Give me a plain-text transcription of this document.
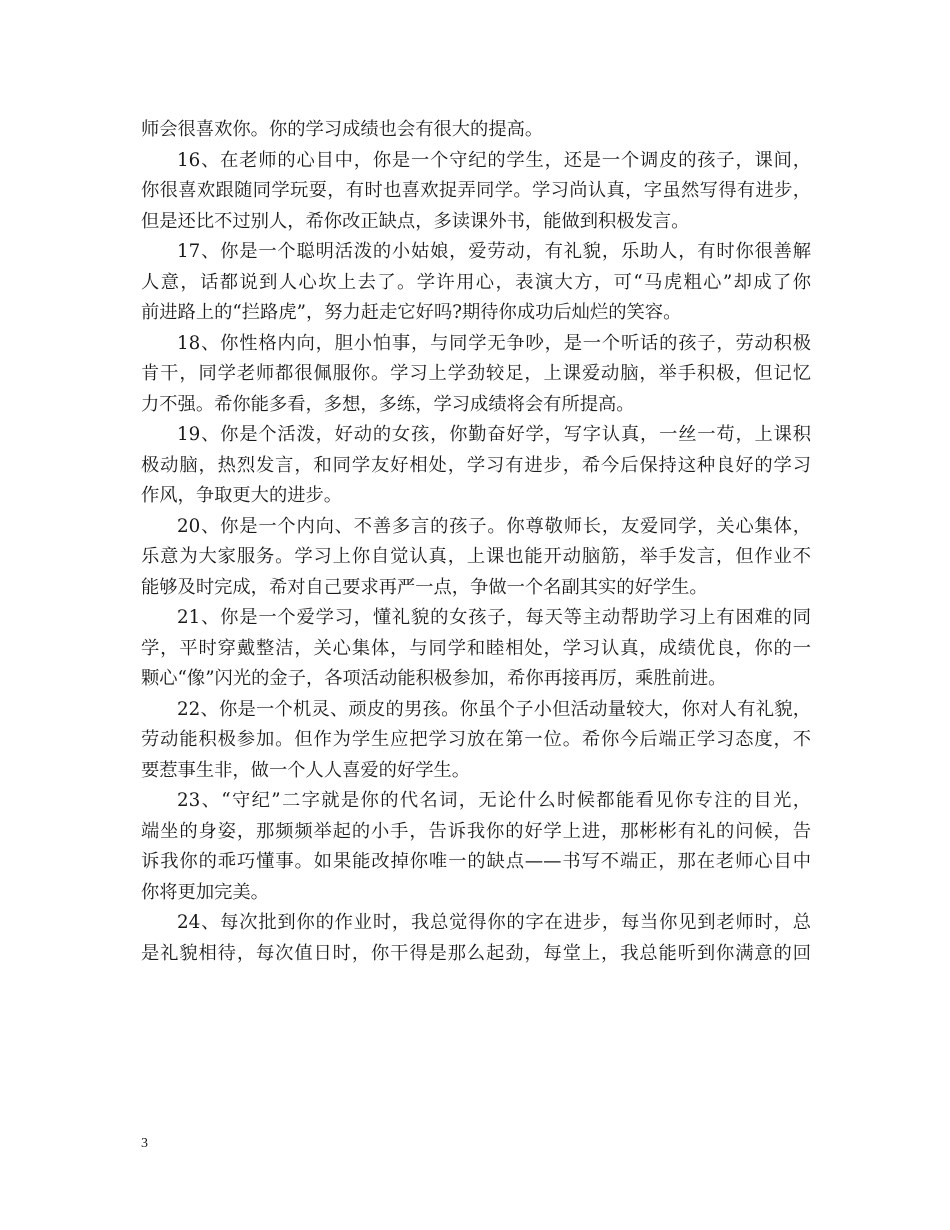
师会很喜欢你。你的学习成绩也会有很大的提高。
16、在老师的心目中，你是一个守纪的学生，还是一个调皮的孩子，课间，
你很喜欢跟随同学玩耍，有时也喜欢捉弄同学。学习尚认真，字虽然写得有进步，
但是还比不过别人，希你改正缺点，多读课外书，能做到积极发言。
17、你是一个聪明活泼的小姑娘，爱劳动，有礼貌，乐助人，有时你很善解
人意，话都说到人心坎上去了。学许用心，表演大方，可“马虎粗心”却成了你
前进路上的“拦路虎”，努力赶走它好吗?期待你成功后灿烂的笑容。
18、你性格内向，胆小怕事，与同学无争吵，是一个听话的孩子，劳动积极
肯干，同学老师都很佩服你。学习上学劲较足，上课爱动脑，举手积极，但记忆
力不强。希你能多看，多想，多练，学习成绩将会有所提高。
19、你是个活泼，好动的女孩，你勤奋好学，写字认真，一丝一苟，上课积
极动脑，热烈发言，和同学友好相处，学习有进步，希今后保持这种良好的学习
作风，争取更大的进步。
20、你是一个内向、不善多言的孩子。你尊敬师长，友爱同学，关心集体，
乐意为大家服务。学习上你自觉认真，上课也能开动脑筋，举手发言，但作业不
能够及时完成，希对自己要求再严一点，争做一个名副其实的好学生。
21、你是一个爱学习，懂礼貌的女孩子，每天等主动帮助学习上有困难的同
学，平时穿戴整洁，关心集体，与同学和睦相处，学习认真，成绩优良，你的一
颗心“像”闪光的金子，各项活动能积极参加，希你再接再厉，乘胜前进。
22、你是一个机灵、顽皮的男孩。你虽个子小但活动量较大，你对人有礼貌，
劳动能积极参加。但作为学生应把学习放在第一位。希你今后端正学习态度，不
要惹事生非，做一个人人喜爱的好学生。
23、“守纪”二字就是你的代名词，无论什么时候都能看见你专注的目光，
端坐的身姿，那频频举起的小手，告诉我你的好学上进，那彬彬有礼的问候，告
诉我你的乖巧懂事。如果能改掉你唯一的缺点——书写不端正，那在老师心目中
你将更加完美。
24、每次批到你的作业时，我总觉得你的字在进步，每当你见到老师时，总
是礼貌相待，每次值日时，你干得是那么起劲，每堂上，我总能听到你满意的回
3
